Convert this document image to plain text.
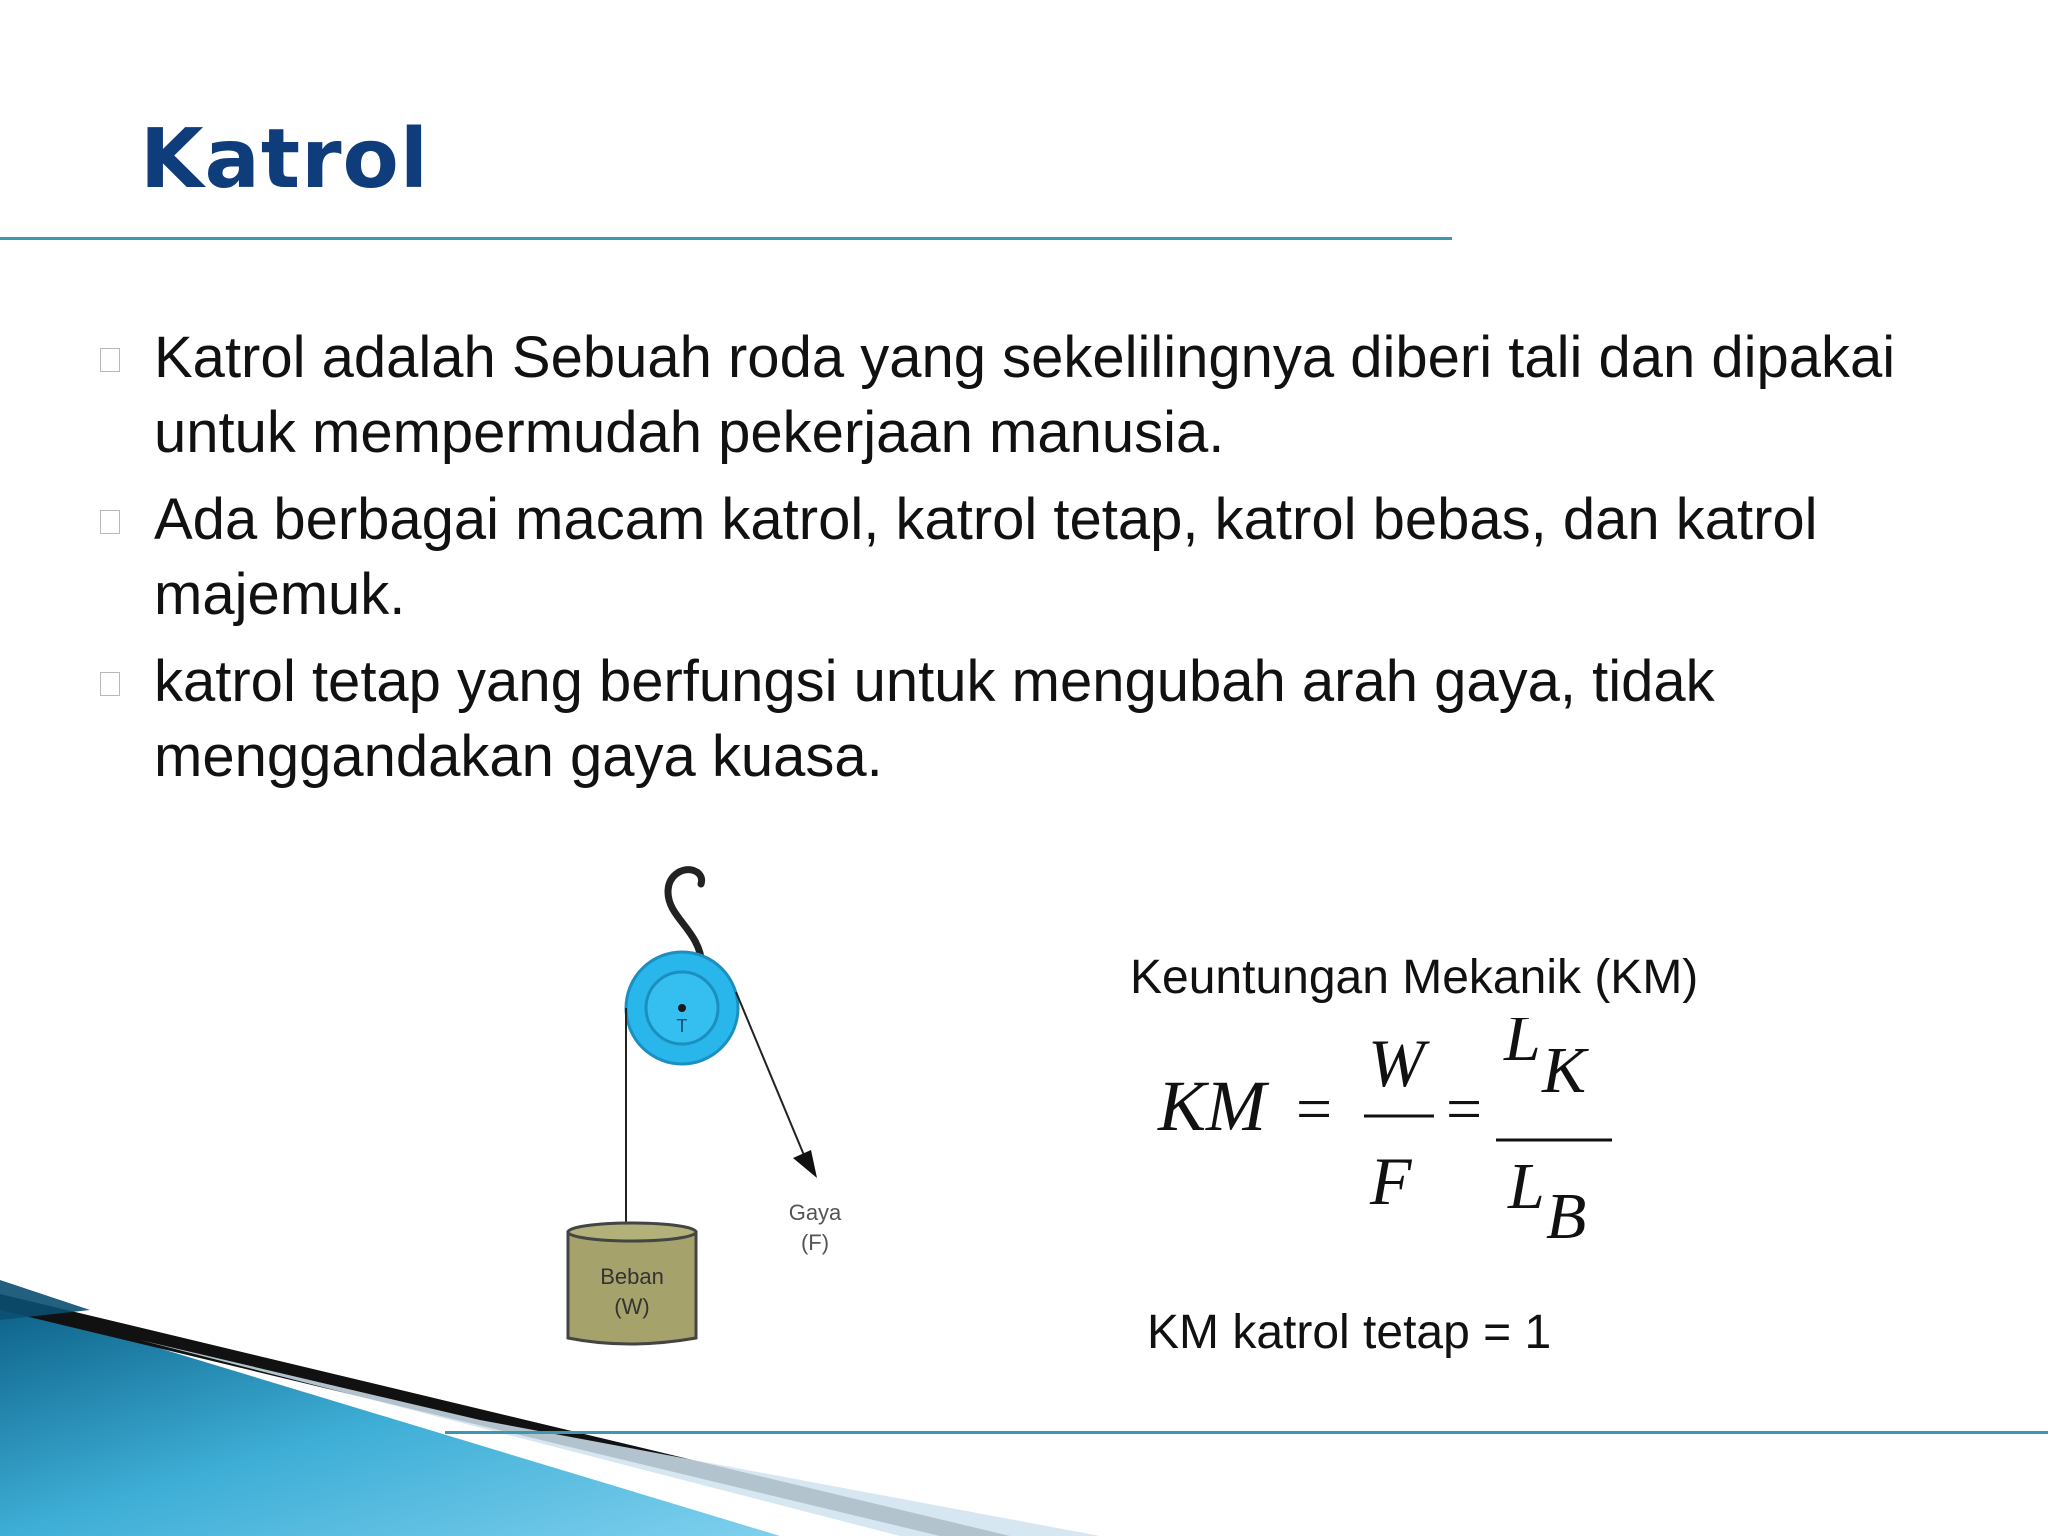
Katrol
Katrol adalah Sebuah roda yang sekelilingnya diberi tali dan dipakai untuk mempermudah pekerjaan manusia.
Ada berbagai macam katrol, katrol tetap, katrol bebas, dan katrol majemuk.
katrol tetap yang berfungsi untuk mengubah arah gaya, tidak menggandakan gaya kuasa.
T
Gaya
(F)
Beban
(W)
Keuntungan Mekanik (KM)
KM =
W
F
=
L K
L B
KM katrol tetap = 1
